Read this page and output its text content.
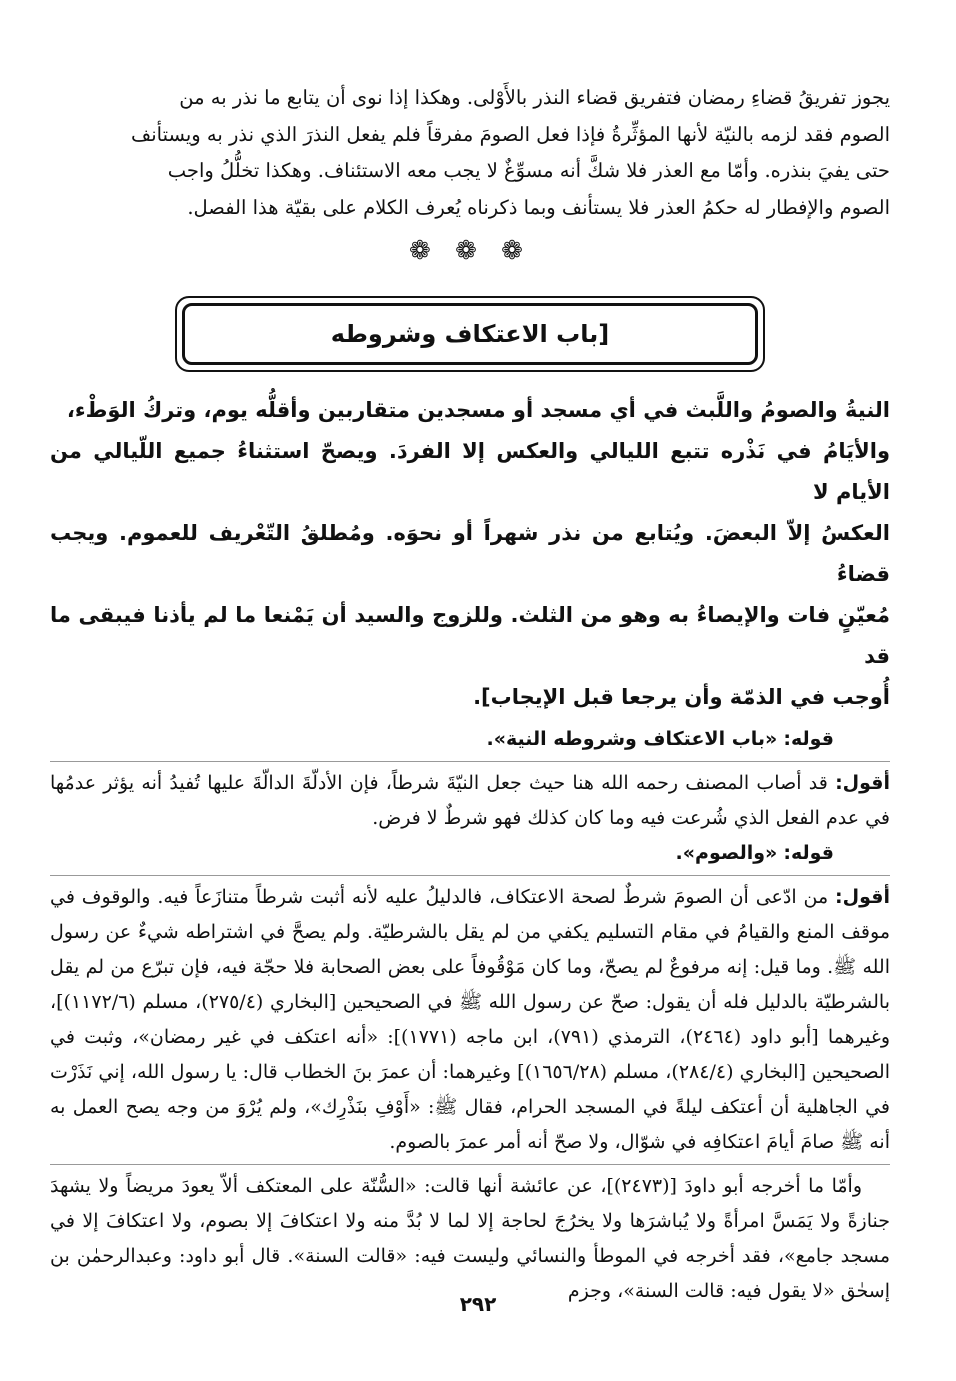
يجوز تفريقُ قضاءِ رمضان فتفريق قضاء النذر بالأَوْلى. وهكذا إذا نوى أن يتابع ما نذر به من

الصوم فقد لزمه بالنيّة لأنها المؤثِّرةُ فإذا فعل الصومَ مفرقاً فلم يفعل النذرَ الذي نذر به ويستأنف

حتى يفيَ بنذره. وأمّا مع العذر فلا شكَّ أنه مسوِّغٌ لا يجب معه الاستئناف. وهكذا تخلُّلُ واجب

الصوم والإفطار له حكمُ العذر فلا يستأنف وبما ذكرناه يُعرف الكلام على بقيّة هذا الفصل.

❁ ❁ ❁
[باب الاعتكاف وشروطه

النيةُ والصومُ واللَّبث في أي مسجد أو مسجدين متقاربين وأقلُّه يوم، وتركُ الوَطْء،

والأيَامُ في نَذْره تتبع الليالي والعكس إلا الفردَ. ويصحّ استثناءُ جميع اللّيالي من الأيام لا

العكسُ إلاّ البعضَ. ويُتابع من نذر شهراً أو نحوَه. ومُطلقُ التّعْريف للعموم. ويجب قضاءُ

مُعيّنٍ فات والإيصاءُ به وهو من الثلث. وللزوج والسيد أن يَمْنعا ما لم يأذنا فيبقى ما قد

أُوجب في الذمّة وأن يرجعا قبل الإيجاب].

قوله: «باب الاعتكاف وشروطه النية».

أقول: قد أصاب المصنف رحمه الله هنا حيث جعل النيّةَ شرطاً، فإن الأدلّةَ الدالّةَ عليها تُفيدُ أنه يؤثر عدمُها في عدم الفعل الذي شُرعت فيه وما كان كذلك فهو شرطٌ لا فرض.

قوله: «والصوم».

أقول: من ادّعى أن الصومَ شرطٌ لصحة الاعتكاف، فالدليلُ عليه لأنه أثبت شرطاً متنازَعاً فيه. والوقوف في موقف المنع والقيامُ في مقام التسليم يكفي من لم يقل بالشرطيّة. ولم يصحَّ في اشتراطه شيءٌ عن رسول الله ﷺ. وما قيل: إنه مرفوعٌ لم يصحّ، وما كان مَوْقُوفاً على بعض الصحابة فلا حجّة فيه، فإن تبرّع من لم يقل بالشرطيّة بالدليل فله أن يقول: صحّ عن رسول الله ﷺ في الصحيحين [البخاري (٢٧٥/٤)، مسلم (١١٧٢/٦)]، وغيرهما [أبو داود (٢٤٦٤)، الترمذي (٧٩١)، ابن ماجه (١٧٧١)]: «أنه اعتكف في غير رمضان»، وثبت في الصحيحين [البخاري (٢٨٤/٤)، مسلم (١٦٥٦/٢٨)] وغيرهما: أن عمرَ بنَ الخطاب قال: يا رسول الله، إني نَذَرْت في الجاهلية أن أعتكف ليلةً في المسجد الحرام، فقال ﷺ: «أَوْفِ بنَذْرِك»، ولم يُرْوَ من وجه يصح العمل به أنه ﷺ صامَ أيامَ اعتكافِه في شوّال، ولا صحّ أنه أمر عمرَ بالصوم.

وأمّا ما أخرجه أبو داودَ [(٢٤٧٣)]، عن عائشة أنها قالت: «السُّنّة على المعتكف ألاّ يعودَ مريضاً ولا يشهدَ جنازةً ولا يَمَسَّ امرأةً ولا يُباشرَها ولا يخرُجَ لحاجة إلا لما لا بُدَّ منه ولا اعتكافَ إلا بصوم، ولا اعتكافَ إلا في مسجد جامع»، فقد أخرجه في الموطأ والنسائي وليست فيه: «قالت السنة». قال أبو داود: وعبدالرحمٰن بن إسحٰق «لا يقول فيه: قالت السنة»، وجزم

٢٩٢
